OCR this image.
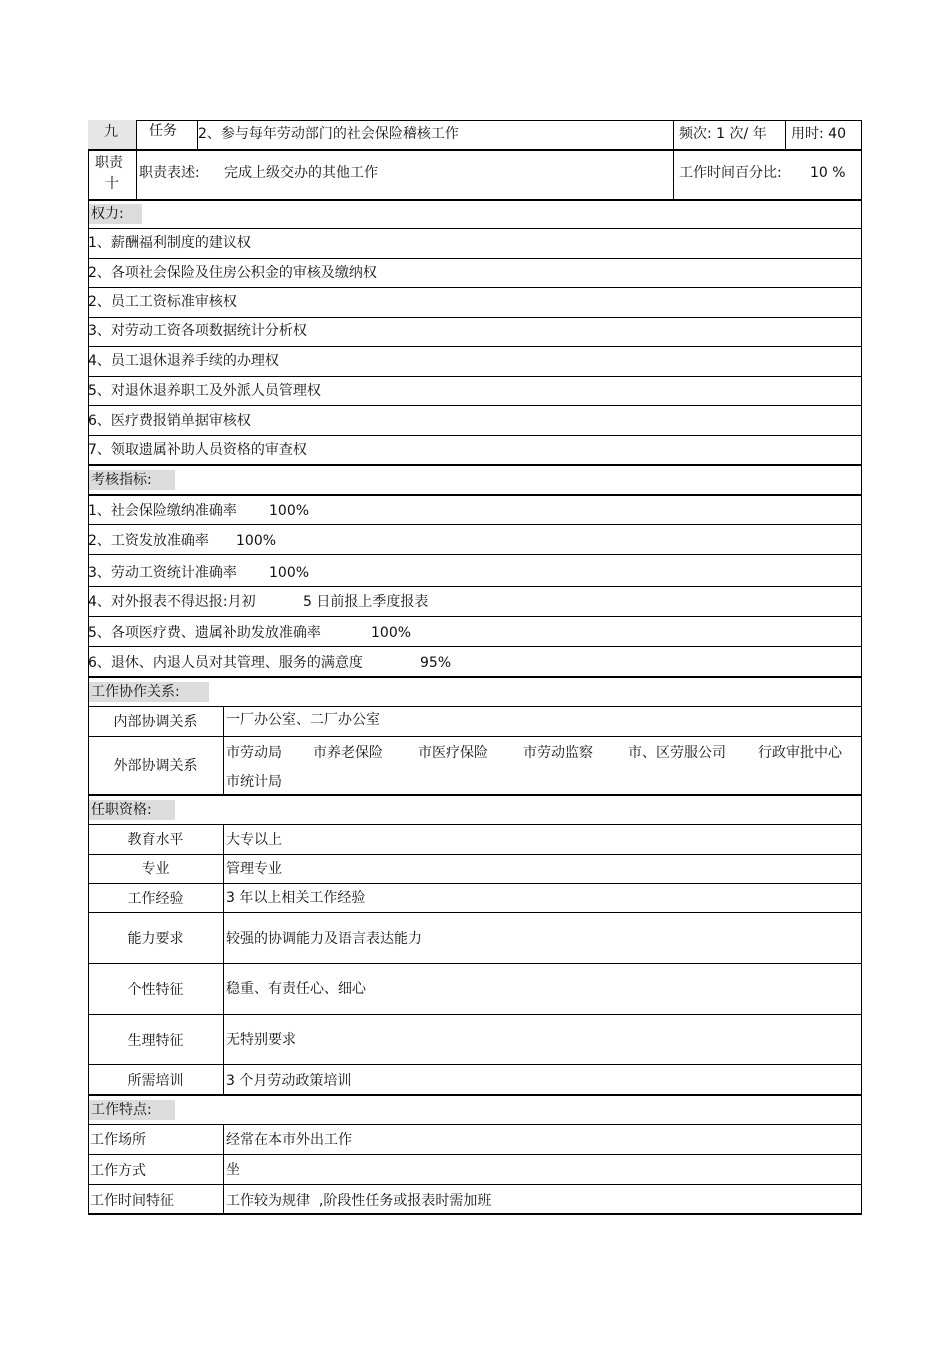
九 任务 2、参与每年劳动部门的社会保险稽核工作	频次: 1 次/ 年 用时: 40
职责
十
职责表述: 完成上级交办的其他工作	工作时间百分比: 10 %
权力:
1、薪酬福利制度的建议权
2、各项社会保险及住房公积金的审核及缴纳权
2、员工工资标准审核权
3、对劳动工资各项数据统计分析权
4、员工退休退养手续的办理权
5、对退休退养职工及外派人员管理权
6、医疗费报销单据审核权
7、领取遗属补助人员资格的审查权
考核指标:
1、社会保险缴纳准确率 100%
2、工资发放准确率 100%
3、劳动工资统计准确率 100%
4、对外报表不得迟报:月初	5 日前报上季度报表
5、各项医疗费、遗属补助发放准确率	100%
6、退休、内退人员对其管理、服务的满意度	95%
工作协作关系:
内部协调关系	一厂办公室、二厂办公室
外部协调关系
市劳动局 市养老保险	市医疗保险	市劳动监察	市、区劳服公司 行政审批中心
市统计局
任职资格:
教育水平	大专以上
专业	管理专业
工作经验	3 年以上相关工作经验
能力要求	较强的协调能力及语言表达能力
个性特征	稳重、有责任心、细心
生理特征	无特别要求
所需培训	3 个月劳动政策培训
工作特点:
工作场所	经常在本市外出工作
工作方式	坐
工作时间特征	工作较为规律  ,阶段性任务或报表时需加班
